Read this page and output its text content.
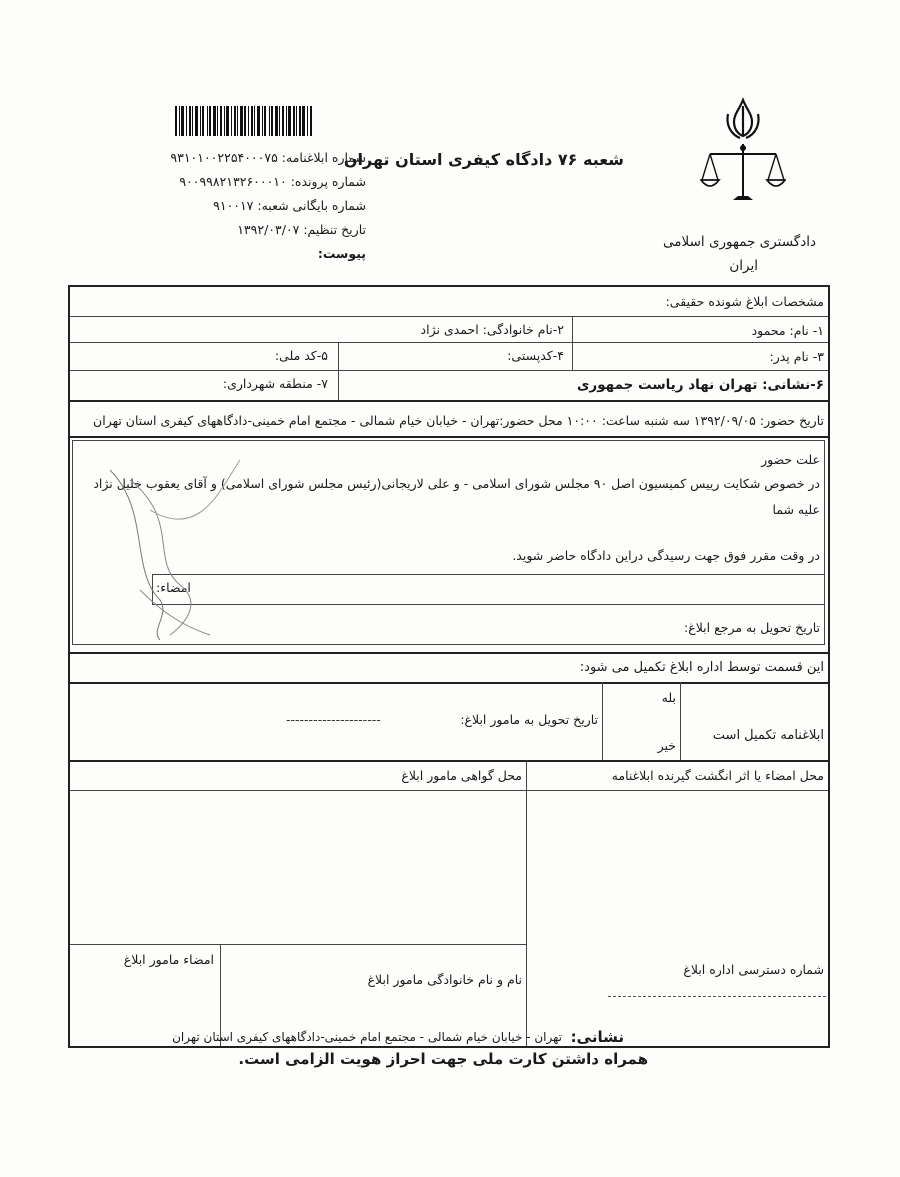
شماره ابلاغنامه: ۹۳۱۰۱۰۰۲۲۵۴۰۰۰۷۵
شماره پرونده: ۹۰۰۹۹۸۲۱۳۲۶۰۰۰۱۰
شماره بایگانی شعبه: ۹۱۰۰۱۷
تاریخ تنظیم: ۱۳۹۲/۰۳/۰۷
پیوست:
شعبه ۷۶ دادگاه کیفری استان تهران
دادگستری جمهوری اسلامی
ایران
مشخصات ابلاغ شونده حقیقی:
۱- نام: محمود
۲-نام خانوادگی: احمدی نژاد
۳- نام پدر:
۴-کدپستی:
۵-کد ملی:
۶-نشانی: تهران نهاد ریاست جمهوری
۷- منطقه شهرداری:
تاریخ حضور: ۱۳۹۲/۰۹/۰۵ سه شنبه ساعت: ۱۰:۰۰ محل حضور:تهران - خیابان خیام شمالی - مجتمع امام خمینی-دادگاههای کیفری استان تهران
علت حضور
در خصوص شکایت رییس کمیسیون اصل ۹۰ مجلس شورای اسلامی - و علی لاریجانی(رئیس مجلس شورای اسلامی) و آقای یعقوب خلیل نژاد
علیه شما
در وقت مقرر فوق جهت رسیدگی دراین دادگاه حاضر شوید.
امضاء:
تاریخ تحویل به مرجع ابلاغ:
این قسمت توسط اداره ابلاغ تکمیل می شود:
بله
خیر
ابلاغنامه تکمیل است
تاریخ تحویل به مامور ابلاغ:
---------------------
محل امضاء یا اثر انگشت گیرنده ابلاغنامه
محل گواهی مامور ابلاغ
امضاء مامور ابلاغ
نام و نام خانوادگی مامور ابلاغ
شماره دسترسی اداره ابلاغ
نشانی:
تهران - خیابان خیام شمالی - مجتمع امام خمینی-دادگاههای کیفری استان تهران
همراه داشتن کارت ملی جهت احراز هویت الزامی است.
